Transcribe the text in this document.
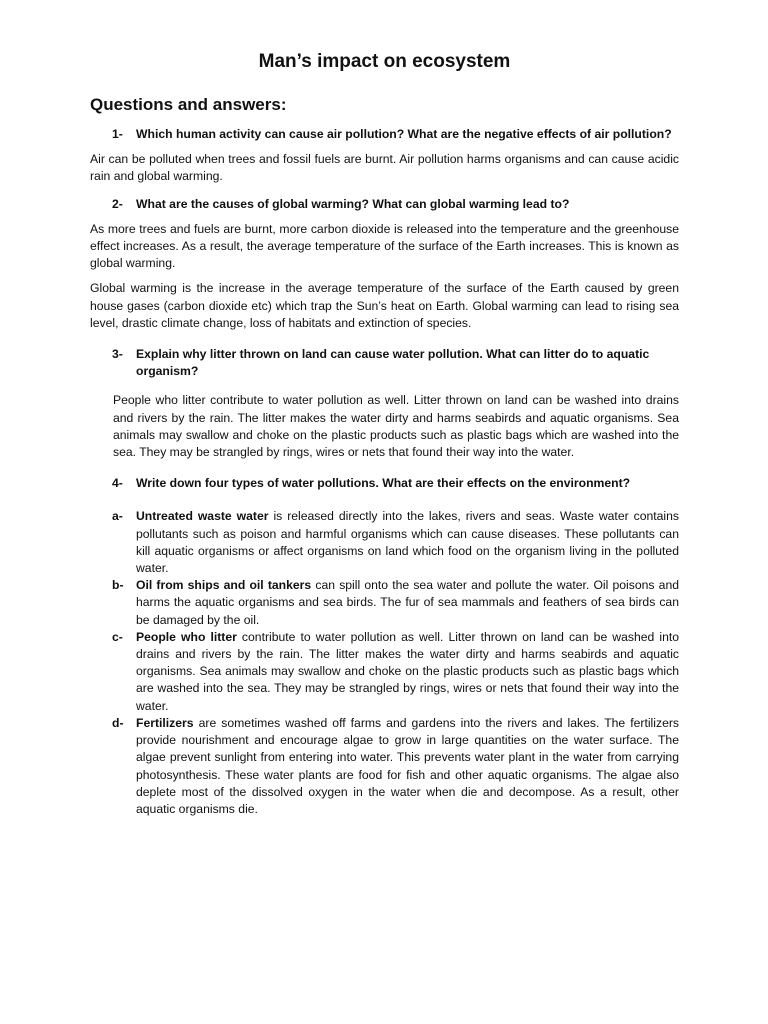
Man’s impact on ecosystem
Questions and answers:
1-	Which human activity can cause air pollution? What are the negative effects of air pollution?

Air can be polluted when trees and fossil fuels are burnt. Air pollution harms organisms and can cause acidic rain and global warming.

2-	What are the causes of global warming? What can global warming lead to?

As more trees and fuels are burnt, more carbon dioxide is released into the temperature and the greenhouse effect increases. As a result, the average temperature of the surface of the Earth increases. This is known as global warming.

Global warming is the increase in the average temperature of the surface of the Earth caused by green house gases (carbon dioxide etc) which trap the Sun’s heat on Earth. Global warming can lead to rising sea level, drastic climate change, loss of habitats and extinction of species.

3-	Explain why litter thrown on land can cause water pollution. What can litter do to aquatic organism?

People who litter contribute to water pollution as well. Litter thrown on land can be washed into drains and rivers by the rain. The litter makes the water dirty and harms seabirds and aquatic organisms. Sea animals may swallow and choke on the plastic products such as plastic bags which are washed into the sea. They may be strangled by rings, wires or nets that found their way into the water.

4-	Write down four types of water pollutions. What are their effects on the environment?
a-	Untreated waste water is released directly into the lakes, rivers and seas. Waste water contains pollutants such as poison and harmful organisms which can cause diseases. These pollutants can kill aquatic organisms or affect organisms on land which food on the organism living in the polluted water.
b-	Oil from ships and oil tankers can spill onto the sea water and pollute the water. Oil poisons and harms the aquatic organisms and sea birds. The fur of sea mammals and feathers of sea birds can be damaged by the oil.
c-	People who litter contribute to water pollution as well. Litter thrown on land can be washed into drains and rivers by the rain. The litter makes the water dirty and harms seabirds and aquatic organisms. Sea animals may swallow and choke on the plastic products such as plastic bags which are washed into the sea. They may be strangled by rings, wires or nets that found their way into the water.
d-	Fertilizers are sometimes washed off farms and gardens into the rivers and lakes. The fertilizers provide nourishment and encourage algae to grow in large quantities on the water surface. The algae prevent sunlight from entering into water. This prevents water plant in the water from carrying photosynthesis. These water plants are food for fish and other aquatic organisms. The algae also deplete most of the dissolved oxygen in the water when die and decompose. As a result, other aquatic organisms die.
